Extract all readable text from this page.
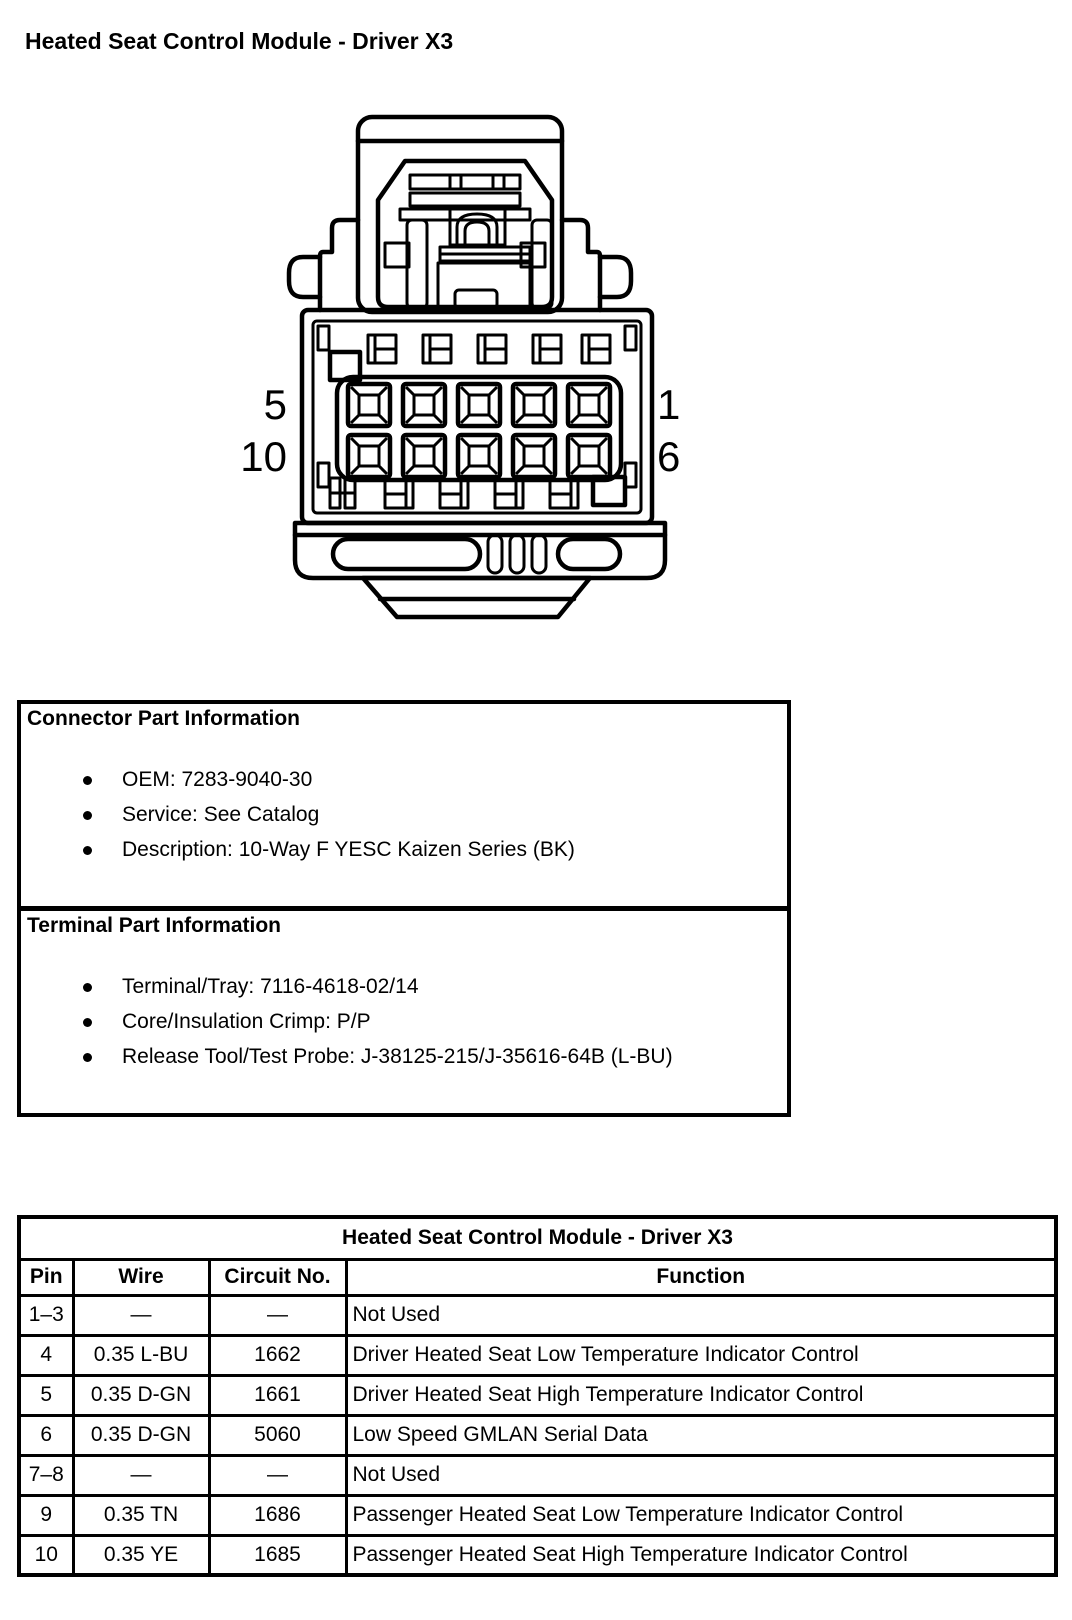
Heated Seat Control Module - Driver X3
5
10
1
6
Connector Part Information
OEM: 7283-9040-30
Service: See Catalog
Description: 10-Way F YESC Kaizen Series (BK)
Terminal Part Information
Terminal/Tray: 7116-4618-02/14
Core/Insulation Crimp: P/P
Release Tool/Test Probe: J-38125-215/J-35616-64B (L-BU)
Heated Seat Control Module - Driver X3			
Pin	Wire	Circuit No.	Function
1–3	—	—	Not Used
4	0.35 L-BU	1662	Driver Heated Seat Low Temperature Indicator Control
5	0.35 D-GN	1661	Driver Heated Seat High Temperature Indicator Control
6	0.35 D-GN	5060	Low Speed GMLAN Serial Data
7–8	—	—	Not Used
9	0.35 TN	1686	Passenger Heated Seat Low Temperature Indicator Control
10	0.35 YE	1685	Passenger Heated Seat High Temperature Indicator Control
